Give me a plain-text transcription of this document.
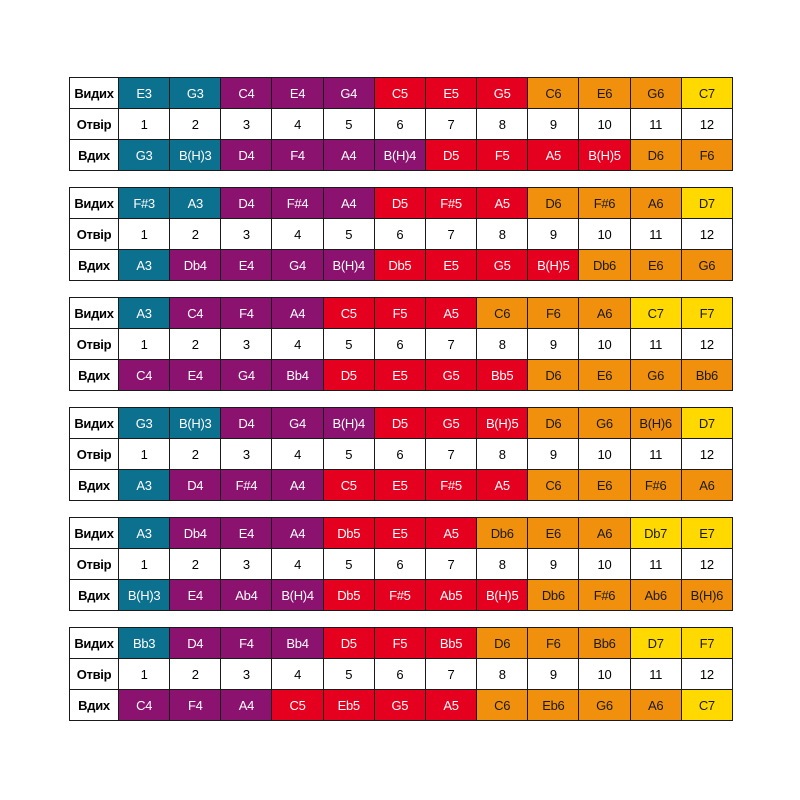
Видих	E3	G3	C4	E4	G4	C5	E5	G5	C6	E6	G6	C7
Отвір	1	2	3	4	5	6	7	8	9	10	11	12
Вдих	G3	B(H)3	D4	F4	A4	B(H)4	D5	F5	A5	B(H)5	D6	F6
Видих	F#3	A3	D4	F#4	A4	D5	F#5	A5	D6	F#6	A6	D7
Отвір	1	2	3	4	5	6	7	8	9	10	11	12
Вдих	A3	Db4	E4	G4	B(H)4	Db5	E5	G5	B(H)5	Db6	E6	G6
Видих	A3	C4	F4	A4	C5	F5	A5	C6	F6	A6	C7	F7
Отвір	1	2	3	4	5	6	7	8	9	10	11	12
Вдих	C4	E4	G4	Bb4	D5	E5	G5	Bb5	D6	E6	G6	Bb6
Видих	G3	B(H)3	D4	G4	B(H)4	D5	G5	B(H)5	D6	G6	B(H)6	D7
Отвір	1	2	3	4	5	6	7	8	9	10	11	12
Вдих	A3	D4	F#4	A4	C5	E5	F#5	A5	C6	E6	F#6	A6
Видих	A3	Db4	E4	A4	Db5	E5	A5	Db6	E6	A6	Db7	E7
Отвір	1	2	3	4	5	6	7	8	9	10	11	12
Вдих	B(H)3	E4	Ab4	B(H)4	Db5	F#5	Ab5	B(H)5	Db6	F#6	Ab6	B(H)6
Видих	Bb3	D4	F4	Bb4	D5	F5	Bb5	D6	F6	Bb6	D7	F7
Отвір	1	2	3	4	5	6	7	8	9	10	11	12
Вдих	C4	F4	A4	C5	Eb5	G5	A5	C6	Eb6	G6	A6	C7
